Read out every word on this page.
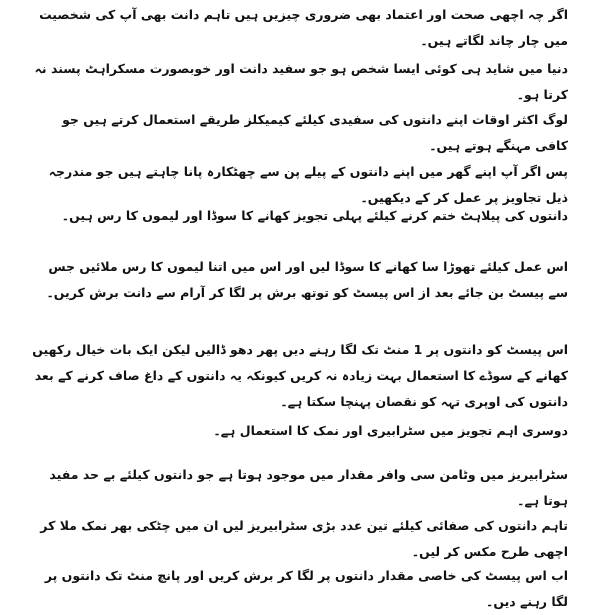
اگر چہ اچھی صحت اور اعتماد بھی ضروری چیزیں ہیں تاہم دانت بھی آپ کی شخصیت میں چار چاند لگاتے ہیں۔
دنیا میں شاید ہی کوئی ایسا شخص ہو جو سفید دانت اور خوبصورت مسکراہٹ پسند نہ کرتا ہو۔
لوگ اکثر اوقات اپنے دانتوں کی سفیدی کیلئے کیمیکلز طریقے استعمال کرتے ہیں جو کافی مہنگے ہوتے ہیں۔
پس اگر آپ اپنے گھر میں اپنے دانتوں کے پیلے پن سے چھٹکارہ پانا چاہتے ہیں جو مندرجہ ذیل تجاویز پر عمل کر کے دیکھیں۔
دانتوں کی پیلاہٹ ختم کرنے کیلئے پہلی تجویز کھانے کا سوڈا اور لیموں کا رس ہیں۔
اس عمل کیلئے تھوڑا سا کھانے کا سوڈا لیں اور اس میں اتنا لیموں کا رس ملائیں جس سے پیسٹ بن جائے بعد از اس پیسٹ کو توتھ برش پر لگا کر آرام سے دانت برش کریں۔
اس پیسٹ کو دانتوں پر 1 منٹ تک لگا رہنے دیں پھر دھو ڈالیں لیکن ایک بات خیال رکھیں کھانے کے سوڈے کا استعمال بہت زیادہ نہ کریں کیونکہ یہ دانتوں کے داغ صاف کرنے کے بعد دانتوں کی اوپری تہہ کو نقصان پہنچا سکتا ہے۔
دوسری اہم تجویز میں سٹرابیری اور نمک کا استعمال ہے۔
سٹرابیریز میں وٹامن سی وافر مقدار میں موجود ہوتا ہے جو دانتوں کیلئے بے حد مفید ہوتا ہے۔
تاہم دانتوں کی صفائی کیلئے تین عدد بڑی سٹرابیریز لیں ان میں چٹکی بھر نمک ملا کر اچھی طرح مکس کر لیں۔
اب اس پیسٹ کی خاصی مقدار دانتوں پر لگا کر برش کریں اور پانچ منٹ تک دانتوں پر لگا رہنے دیں۔
